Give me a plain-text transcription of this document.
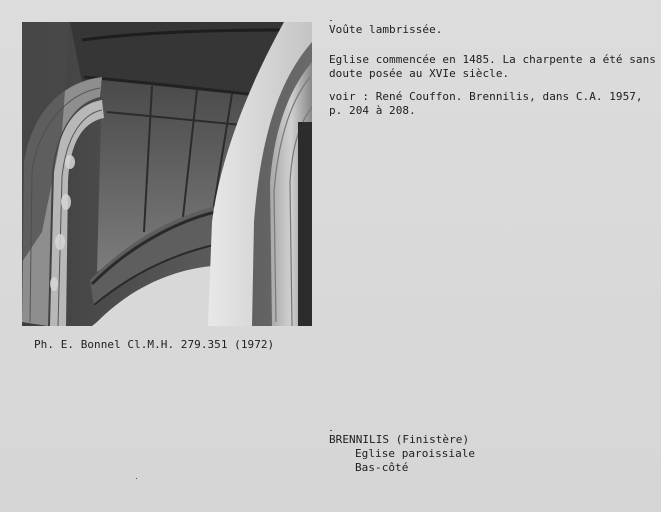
Voûte lambrissée.
Eglise commencée en 1485. La charpente a été sans
doute posée au XVIe siècle.
voir : René Couffon. Brennilis, dans C.A. 1957,
p. 204 à 208.
Ph. E. Bonnel Cl.M.H. 279.351 (1972)
BRENNILIS (Finistère)
Eglise paroissiale
Bas-côté
